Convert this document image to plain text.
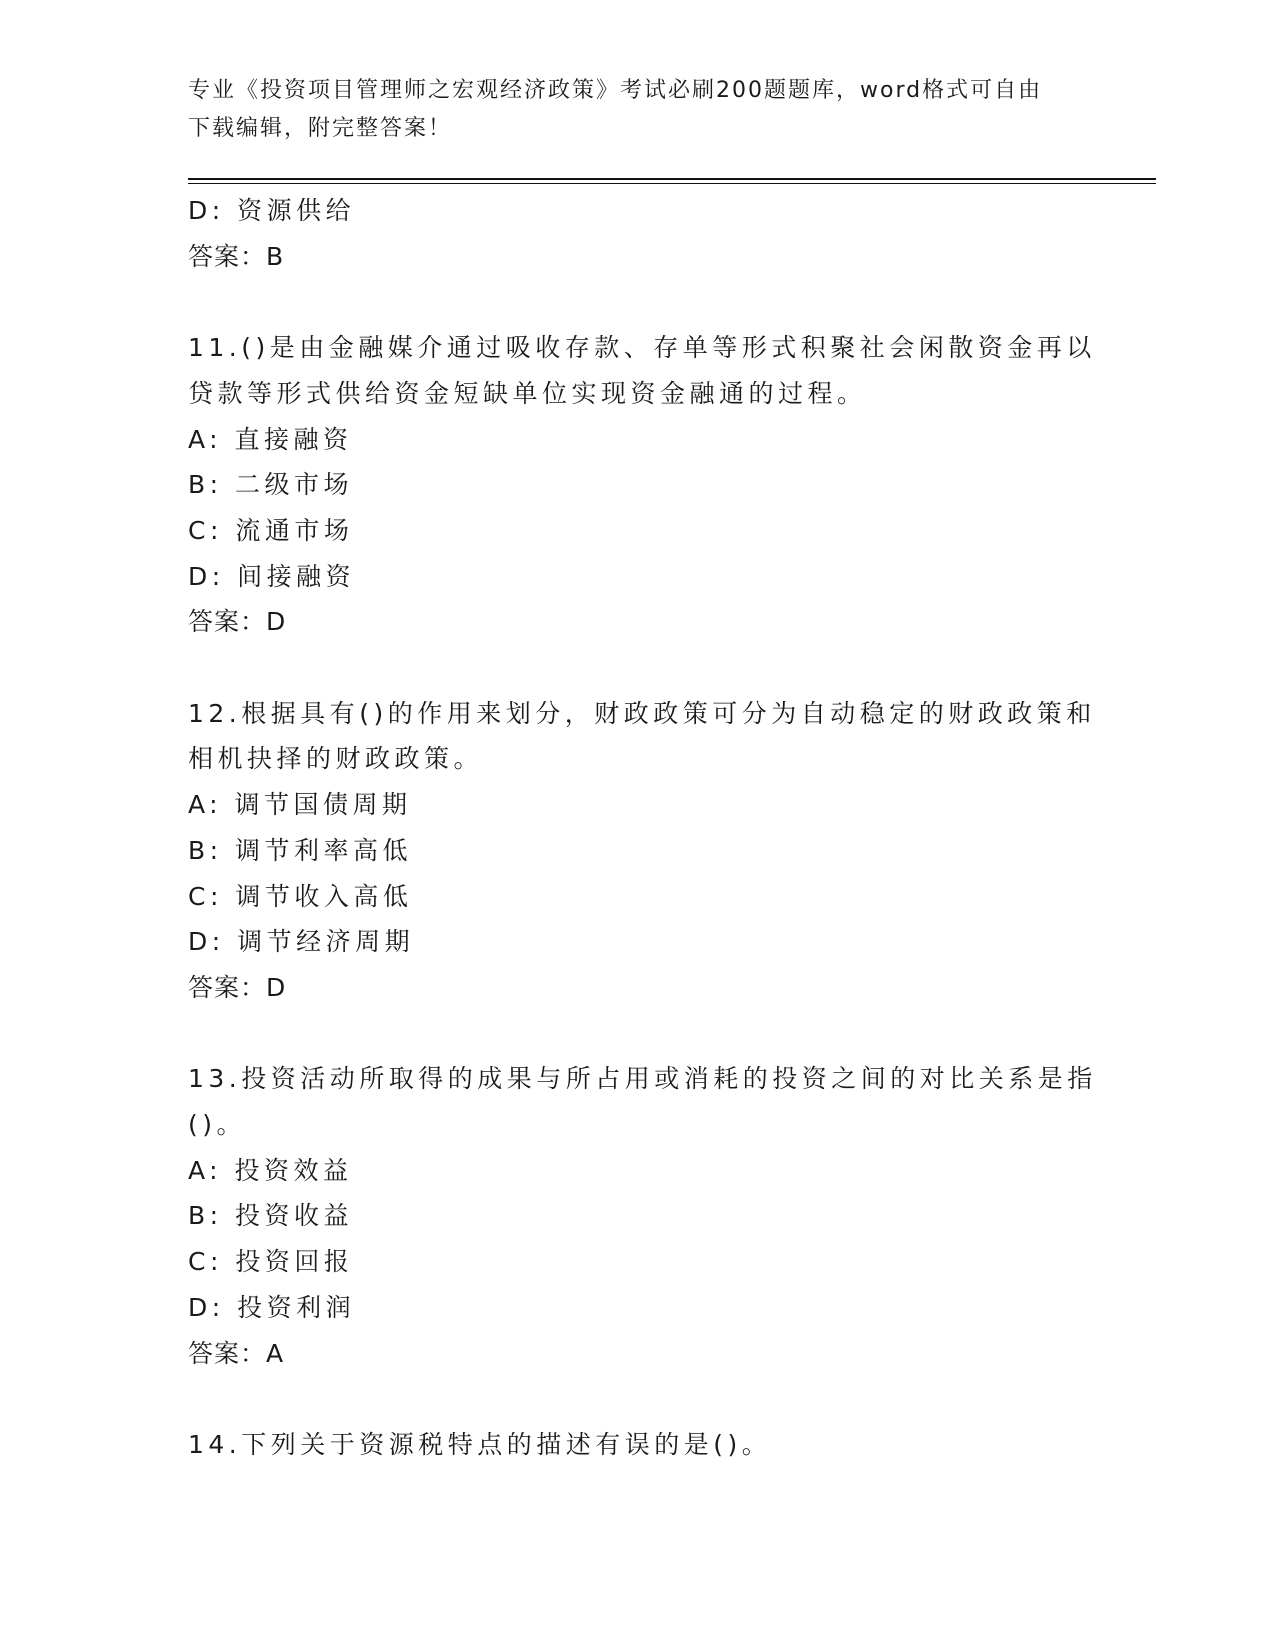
专业《投资项目管理师之宏观经济政策》考试必刷200题题库，word格式可自由
下载编辑，附完整答案！
D: 资源供给
答案：B
11.()是由金融媒介通过吸收存款、存单等形式积聚社会闲散资金再以
贷款等形式供给资金短缺单位实现资金融通的过程。
A: 直接融资
B: 二级市场
C: 流通市场
D: 间接融资
答案：D
12.根据具有()的作用来划分，财政政策可分为自动稳定的财政政策和
相机抉择的财政政策。
A: 调节国债周期
B: 调节利率高低
C: 调节收入高低
D: 调节经济周期
答案：D
13.投资活动所取得的成果与所占用或消耗的投资之间的对比关系是指
()。
A: 投资效益
B: 投资收益
C: 投资回报
D: 投资利润
答案：A
14.下列关于资源税特点的描述有误的是()。
